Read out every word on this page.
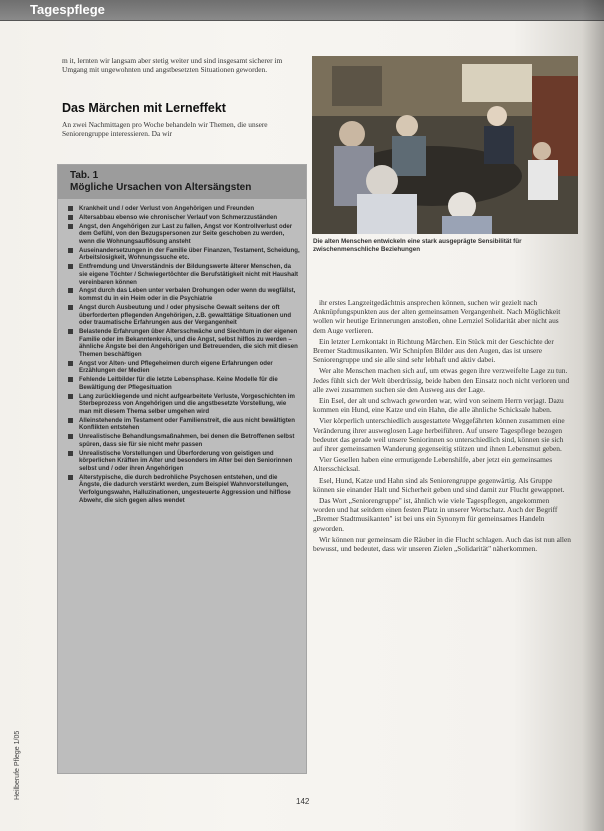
Tagespflege
m it, lernten wir langsam aber stetig weiter und sind insgesamt sicherer im Umgang mit ungewohnten und angstbesetzten Situationen geworden.
Das Märchen mit Lerneffekt
An zwei Nachmittagen pro Woche behandeln wir Themen, die unsere Seniorengruppe interessieren. Da wir
Tab. 1
Mögliche Ursachen von Altersängsten
Krankheit und / oder Verlust von Angehörigen und Freunden
Altersabbau ebenso wie chronischer Verlauf von Schmerzzuständen
Angst, den Angehörigen zur Last zu fallen, Angst vor Kontrollverlust oder dem Gefühl, von den Bezugspersonen zur Seite geschoben zu werden, wenn die Wohnungsauflösung ansteht
Auseinandersetzungen in der Familie über Finanzen, Testament, Scheidung, Arbeitslosigkeit, Wohnungssuche etc.
Entfremdung und Unverständnis der Bildungswerte älterer Menschen, da sie eigene Töchter / Schwiegertöchter die Berufstätigkeit nicht mit Haushalt vereinbaren können
Angst durch das Leben unter verbalen Drohungen oder wenn du wegfällst, kommst du in ein Heim oder in die Psychiatrie
Angst durch Ausbeutung und / oder physische Gewalt seitens der oft überforderten pflegenden Angehörigen, z.B. gewalttätige Situationen und oder traumatische Erfahrungen aus der Vergangenheit
Belastende Erfahrungen über Altersschwäche und Siechtum in der eigenen Familie oder im Bekanntenkreis, und die Angst, selbst hilflos zu werden – ähnliche Ängste bei den Angehörigen und Betreuenden, die sich mit diesen Themen beschäftigen
Angst vor Alten- und Pflegeheimen durch eigene Erfahrungen oder Erzählungen der Medien
Fehlende Leitbilder für die letzte Lebensphase. Keine Modelle für die Bewältigung der Pflegesituation
Lang zurückliegende und nicht aufgearbeitete Verluste, Vorgeschichten im Sterbeprozess von Angehörigen und die angstbesetzte Vorstellung, wie man mit diesem Thema selber umgehen wird
Alleinstehende im Testament oder Familienstreit, die aus nicht bewältigten Konflikten entstehen
Unrealistische Behandlungsmaßnahmen, bei denen die Betroffenen selbst spüren, dass sie für sie nicht mehr passen
Unrealistische Vorstellungen und Überforderung von geistigen und körperlichen Kräften im Alter und besonders im Alter bei den Seniorinnen selbst und / oder ihren Angehörigen
Alterstypische, die durch bedrohliche Psychosen entstehen, und die Ängste, die dadurch verstärkt werden, zum Beispiel Wahnvorstellungen, Verfolgungswahn, Halluzinationen, ungesteuerte Aggression und hilflose Abwehr, die sich gegen alles wendet
Die alten Menschen entwickeln eine stark ausgeprägte Sensibilität für zwischenmenschliche Beziehungen

ihr erstes Langzeitgedächtnis ansprechen können, suchen wir gezielt nach Anknüpfungspunkten aus der alten gemeinsamen Vergangenheit. Nach Möglichkeit wollen wir heutige Erinnerungen anstoßen, ohne Lernziel Solidarität aber nicht aus dem Auge verlieren.

Ein letzter Lernkontakt in Richtung Märchen. Ein Stück mit der Geschichte der Bremer Stadtmusikanten. Wir Schnipfen Bilder aus den Augen, das ist unsere Seniorengruppe und sie alle sind sehr lebhaft und aktiv dabei.

Wer alte Menschen machen sich auf, um etwas gegen ihre verzweifelte Lage zu tun. Jedes fühlt sich der Welt überdrüssig, beide haben den Einsatz noch nicht verloren und alle zwei zusammen suchen sie den Ausweg aus der Lage.

Ein Esel, der alt und schwach geworden war, wird von seinem Herrn verjagt. Dazu kommen ein Hund, eine Katze und ein Hahn, die alle ähnliche Schicksale haben.

Vier körperlich unterschiedlich ausgestattete Weggefährten können zusammen eine Veränderung ihrer ausweglosen Lage herbeiführen. Auf unsere Tagespflege bezogen bedeutet das gerade weil unsere Seniorinnen so unterschiedlich sind, können sie sich auf ihrer gemeinsamen Wanderung gegenseitig stützen und ihnen Lebensmut geben.

Vier Gesellen haben eine ermutigende Lebenshilfe, aber jetzt ein gemeinsames Altersschicksal.

Esel, Hund, Katze und Hahn sind als Seniorengruppe gegenwärtig. Als Gruppe können sie einander Halt und Sicherheit geben und sind damit zur Flucht gewappnet.

Das Wort „Seniorengruppe" ist, ähnlich wie viele Tagespflegen, angekommen worden und hat seitdem einen festen Platz in unserer Wortschatz. Auch der Begriff „Bremer Stadtmusikanten" ist bei uns ein Synonym für gemeinsames Handeln geworden.

Wir können nur gemeinsam die Räuber in die Flucht schlagen. Auch das ist nun allen bewusst, und bedeutet, dass wir unseren Zielen „Solidarität" näherkommen.

Heilberufe Pflege 1/05
142
